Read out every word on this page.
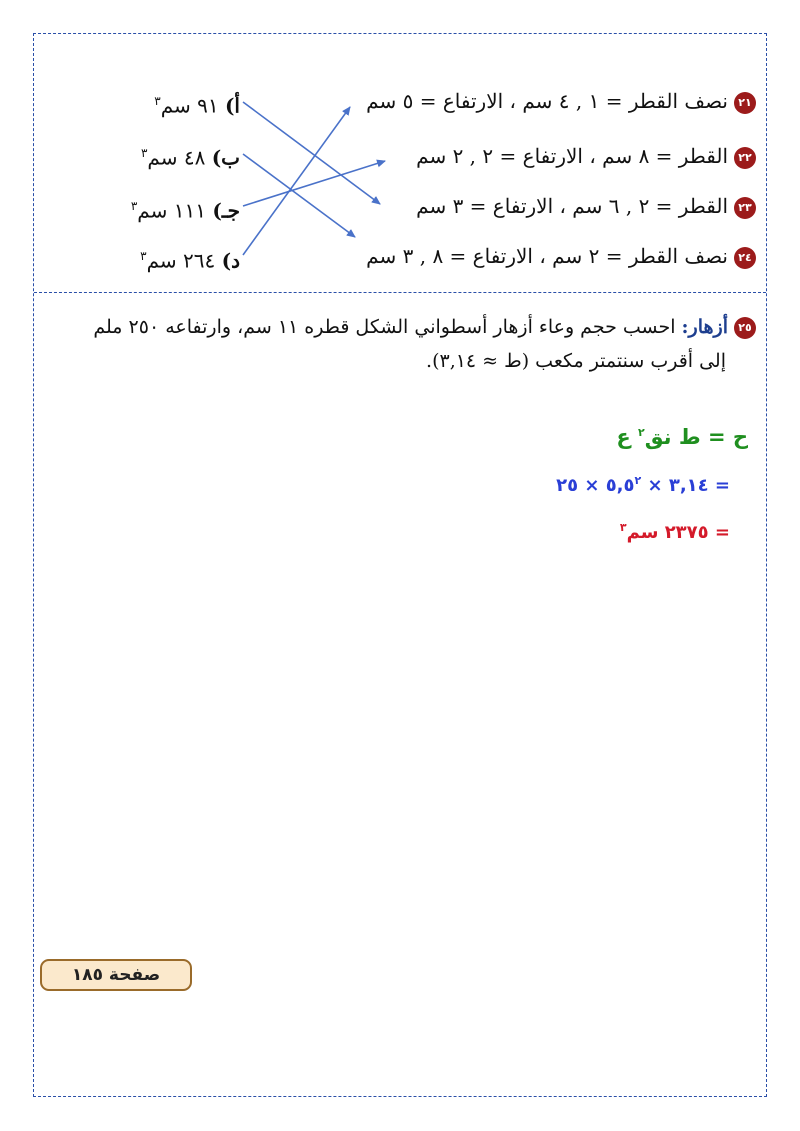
٢١نصف القطر = ١ , ٤ سم ، الارتفاع = ٥ سم
٢٢القطر = ٨ سم ، الارتفاع = ٢ , ٢ سم
٢٣القطر = ٢ , ٦ سم ، الارتفاع = ٣ سم
٢٤نصف القطر = ٢ سم ، الارتفاع = ٨ , ٣ سم
أ) ٩١ سم$^٣$
ب) ٤٨ سم$^٣$
جـ) ١١١ سم$^٣$
د) ٢٦٤ سم$^٣$
٢٥أزهار: احسب حجم وعاء أزهار أسطواني الشكل قطره ١١ سم، وارتفاعه ٢٥٠ ملم
إلى أقرب سنتمتر مكعب (ط ≈ ٣,١٤).
ح = ط نق$^٢$ ع
= ٣,١٤ × $٥,٥^٢$ × ٢٥
= ٢٣٧٥ سم$^٣$
صفحة ١٨٥
